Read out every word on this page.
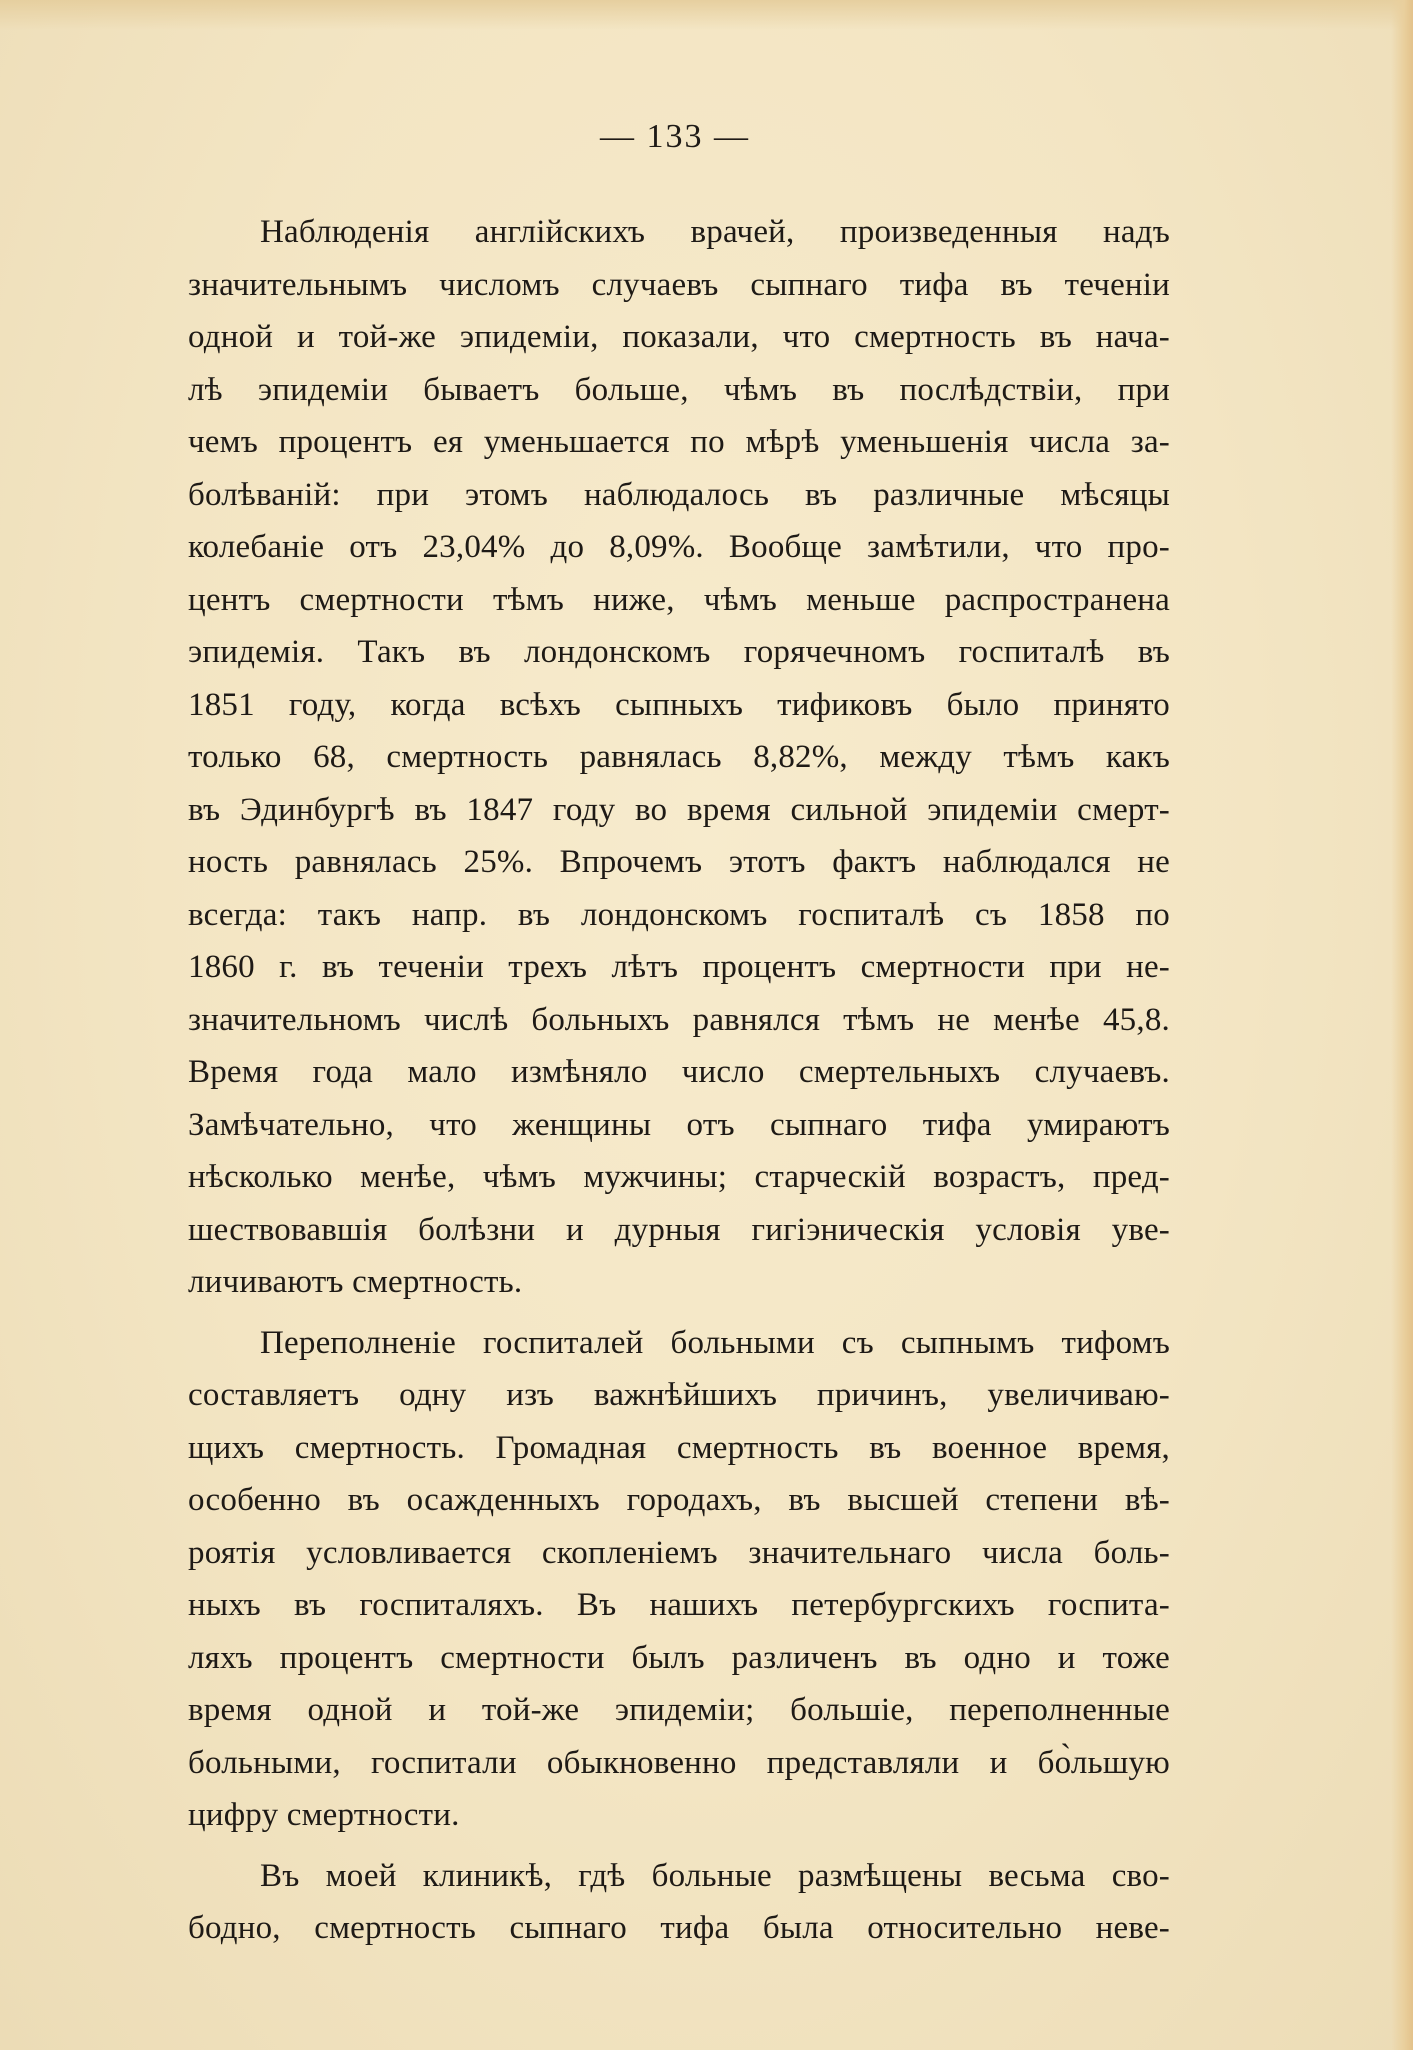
— 133 —
Наблюденія англійскихъ врачей, произведенныя надъ
значительнымъ числомъ случаевъ сыпнаго тифа въ теченіи
одной и той-же эпидеміи, показали, что смертность въ нача-
лѣ эпидеміи бываетъ больше, чѣмъ въ послѣдствіи, при
чемъ процентъ ея уменьшается по мѣрѣ уменьшенія числа за-
болѣваній: при этомъ наблюдалось въ различные мѣсяцы
колебаніе отъ 23,04% до 8,09%. Вообще замѣтили, что про-
центъ смертности тѣмъ ниже, чѣмъ меньше распространена
эпидемія. Такъ въ лондонскомъ горячечномъ госпиталѣ въ
1851 году, когда всѣхъ сыпныхъ тификовъ было принято
только 68, смертность равнялась 8,82%, между тѣмъ какъ
въ Эдинбургѣ въ 1847 году во время сильной эпидеміи смерт-
ность равнялась 25%. Впрочемъ этотъ фактъ наблюдался не
всегда: такъ напр. въ лондонскомъ госпиталѣ съ 1858 по
1860 г. въ теченіи трехъ лѣтъ процентъ смертности при не-
значительномъ числѣ больныхъ равнялся тѣмъ не менѣе 45,8.
Время года мало измѣняло число смертельныхъ случаевъ.
Замѣчательно, что женщины отъ сыпнаго тифа умираютъ
нѣсколько менѣе, чѣмъ мужчины; старческій возрастъ, пред-
шествовавшія болѣзни и дурныя гигіэническія условія уве-
личиваютъ смертность.
Переполненіе госпиталей больными съ сыпнымъ тифомъ
составляетъ одну изъ важнѣйшихъ причинъ, увеличиваю-
щихъ смертность. Громадная смертность въ военное время,
особенно въ осажденныхъ городахъ, въ высшей степени вѣ-
роятія условливается скопленіемъ значительнаго числа боль-
ныхъ въ госпиталяхъ. Въ нашихъ петербургскихъ госпита-
ляхъ процентъ смертности былъ различенъ въ одно и тоже
время одной и той-же эпидеміи; большіе, переполненные
больными, госпитали обыкновенно представляли и бо̀льшую
цифру смертности.
Въ моей клиникѣ, гдѣ больные размѣщены весьма сво-
бодно, смертность сыпнаго тифа была относительно неве-
